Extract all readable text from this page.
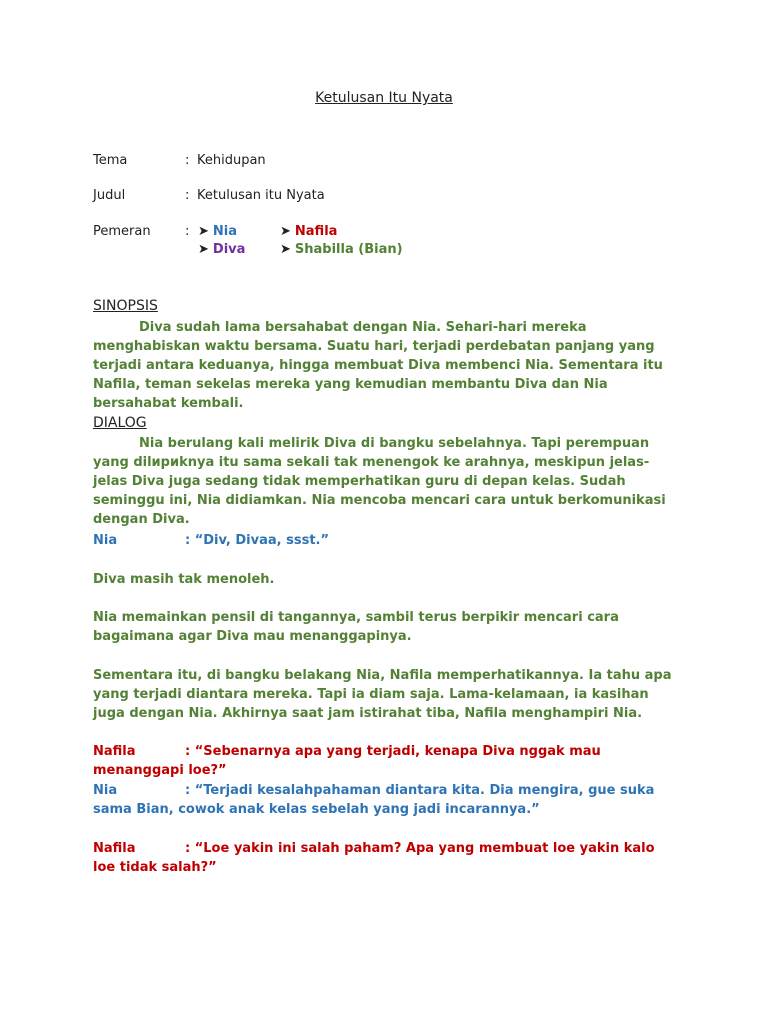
Ketulusan Itu Nyata
Tema	: Kehidupan
Judul	: Ketulusan itu Nyata
Pemeran	: ➤ Nia	➤ Nafila
➤ Diva	➤ Shabilla (Bian)
SINOPSIS
Diva sudah lama bersahabat dengan Nia. Sehari-hari mereka menghabiskan waktu bersama. Suatu hari, terjadi perdebatan panjang yang terjadi antara keduanya, hingga membuat Diva membenci Nia. Sementara itu Nafila, teman sekelas mereka yang kemudian membantu Diva dan Nia bersahabat kembali.
DIALOG
Nia berulang kali melirik Diva di bangku sebelahnya. Tapi perempuan yang dilириknya itu sama sekali tak menengok ke arahnya, meskipun jelas-jelas Diva juga sedang tidak memperhatikan guru di depan kelas. Sudah seminggu ini, Nia didiamkan. Nia mencoba mencari cara untuk berkomunikasi dengan Diva.
Nia	: “Div, Divaa, ssst.”
Diva masih tak menoleh.
Nia memainkan pensil di tangannya, sambil terus berpikir mencari cara bagaimana agar Diva mau menanggapinya.
Sementara itu, di bangku belakang Nia, Nafila memperhatikannya. Ia tahu apa yang terjadi diantara mereka. Tapi ia diam saja. Lama-kelamaan, ia kasihan juga dengan Nia. Akhirnya saat jam istirahat tiba, Nafila menghampiri Nia.
Nafila	: “Sebenarnya apa yang terjadi, kenapa Diva nggak mau menanggapi loe?”
Nia	: “Terjadi kesalahpahaman diantara kita. Dia mengira, gue suka sama Bian, cowok anak kelas sebelah yang jadi incarannya.”
Nafila	: “Loe yakin ini salah paham? Apa yang membuat loe yakin kalo loe tidak salah?”
